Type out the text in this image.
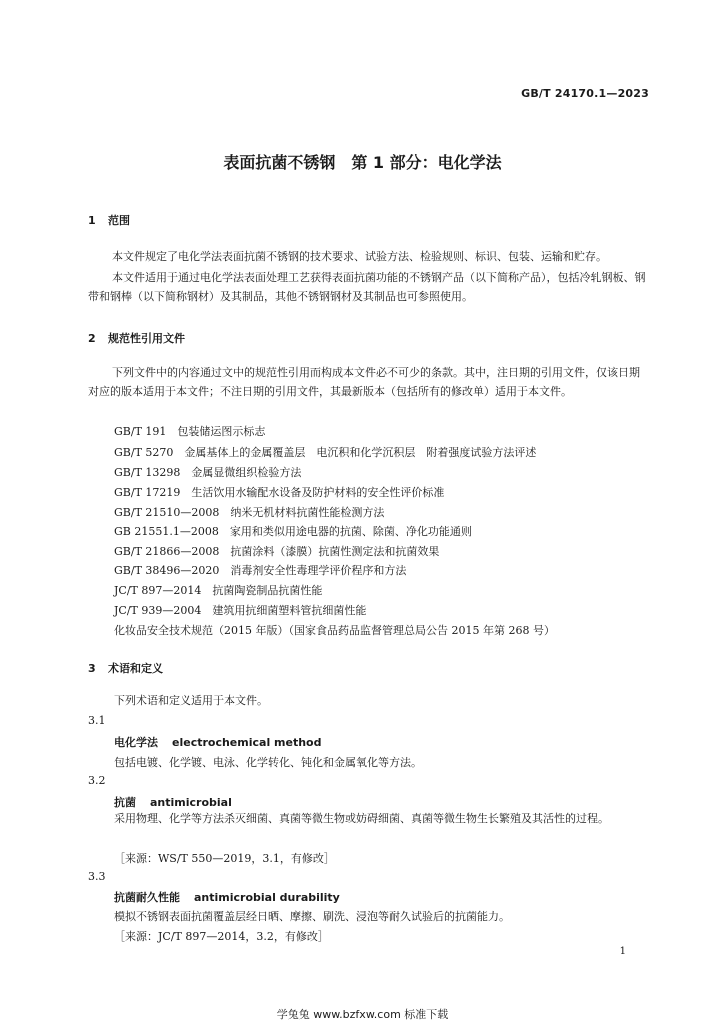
GB/T 24170.1—2023
表面抗菌不锈钢　第 1 部分：电化学法
1 范围
本文件规定了电化学法表面抗菌不锈钢的技术要求、试验方法、检验规则、标识、包装、运输和贮存。
本文件适用于通过电化学法表面处理工艺获得表面抗菌功能的不锈钢产品（以下简称产品），包括冷轧钢板、钢带和钢棒（以下简称钢材）及其制品，其他不锈钢钢材及其制品也可参照使用。
2 规范性引用文件
下列文件中的内容通过文中的规范性引用而构成本文件必不可少的条款。其中，注日期的引用文件，仅该日期对应的版本适用于本文件；不注日期的引用文件，其最新版本（包括所有的修改单）适用于本文件。
GB/T 191　包装储运图示标志
GB/T 5270　金属基体上的金属覆盖层　电沉积和化学沉积层　附着强度试验方法评述
GB/T 13298　金属显微组织检验方法
GB/T 17219　生活饮用水输配水设备及防护材料的安全性评价标准
GB/T 21510—2008　纳米无机材料抗菌性能检测方法
GB 21551.1—2008　家用和类似用途电器的抗菌、除菌、净化功能通则
GB/T 21866—2008　抗菌涂料（漆膜）抗菌性测定法和抗菌效果
GB/T 38496—2020　消毒剂安全性毒理学评价程序和方法
JC/T 897—2014　抗菌陶瓷制品抗菌性能
JC/T 939—2004　建筑用抗细菌塑料管抗细菌性能
化妆品安全技术规范（2015 年版）（国家食品药品监督管理总局公告 2015 年第 268 号）
3 术语和定义
下列术语和定义适用于本文件。
3.1
电化学法 electrochemical method
包括电镀、化学镀、电泳、化学转化、钝化和金属氧化等方法。
3.2
抗菌 antimicrobial
采用物理、化学等方法杀灭细菌、真菌等微生物或妨碍细菌、真菌等微生物生长繁殖及其活性的过程。
［来源：WS/T 550—2019，3.1，有修改］
3.3
抗菌耐久性能 antimicrobial durability
模拟不锈钢表面抗菌覆盖层经日晒、摩擦、刷洗、浸泡等耐久试验后的抗菌能力。
［来源：JC/T 897—2014，3.2，有修改］
1
学兔兔 www.bzfxw.com 标准下载
